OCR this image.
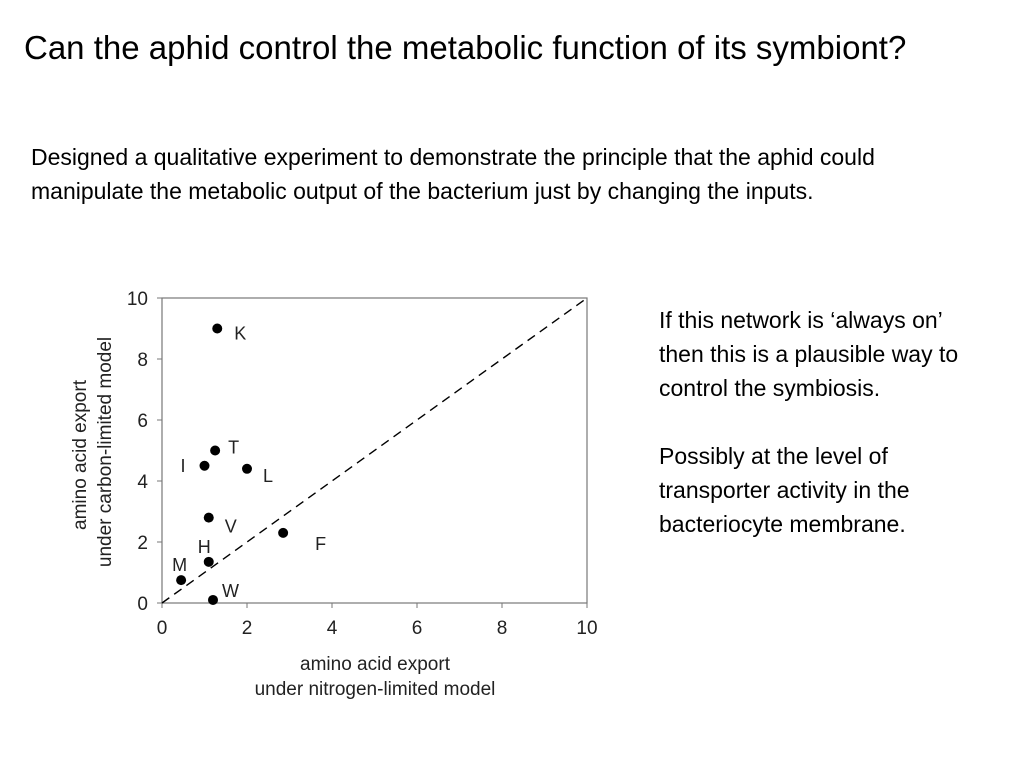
Can the aphid control the metabolic function of its symbiont?

Designed a qualitative experiment to demonstrate the principle that the aphid could manipulate the metabolic output of the bacterium just by changing the inputs.

K
T
I
L
V
F
H
M
W
0	2	4	6	8	10
0
2
4
6
8
10
amino acid export
under nitrogen-limited model
amino acid export under carbon-limited model

If this network is ‘always on’ then this is a plausible way to control the symbiosis.

Possibly at the level of transporter activity in the bacteriocyte membrane.
